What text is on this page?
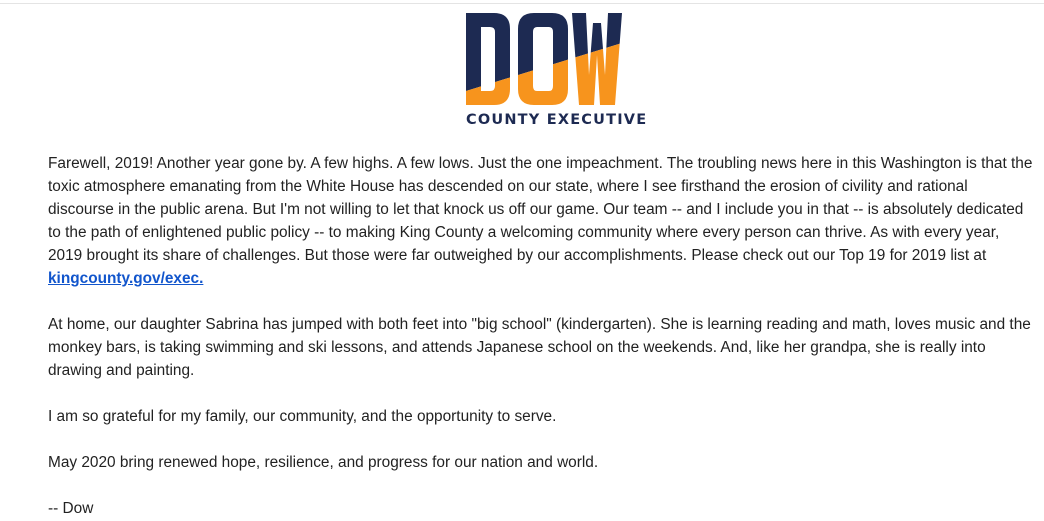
COUNTY EXECUTIVE

Farewell, 2019! Another year gone by. A few highs. A few lows. Just the one impeachment. The troubling news here in this Washington is that the toxic atmosphere emanating from the White House has descended on our state, where I see firsthand the erosion of civility and rational discourse in the public arena. But I'm not willing to let that knock us off our game. Our team -- and I include you in that -- is absolutely dedicated to the path of enlightened public policy -- to making King County a welcoming community where every person can thrive. As with every year, 2019 brought its share of challenges. But those were far outweighed by our accomplishments. Please check out our Top 19 for 2019 list at kingcounty.gov/exec.

At home, our daughter Sabrina has jumped with both feet into "big school" (kindergarten). She is learning reading and math, loves music and the monkey bars, is taking swimming and ski lessons, and attends Japanese school on the weekends. And, like her grandpa, she is really into drawing and painting.

I am so grateful for my family, our community, and the opportunity to serve.

May 2020 bring renewed hope, resilience, and progress for our nation and world.

-- Dow
